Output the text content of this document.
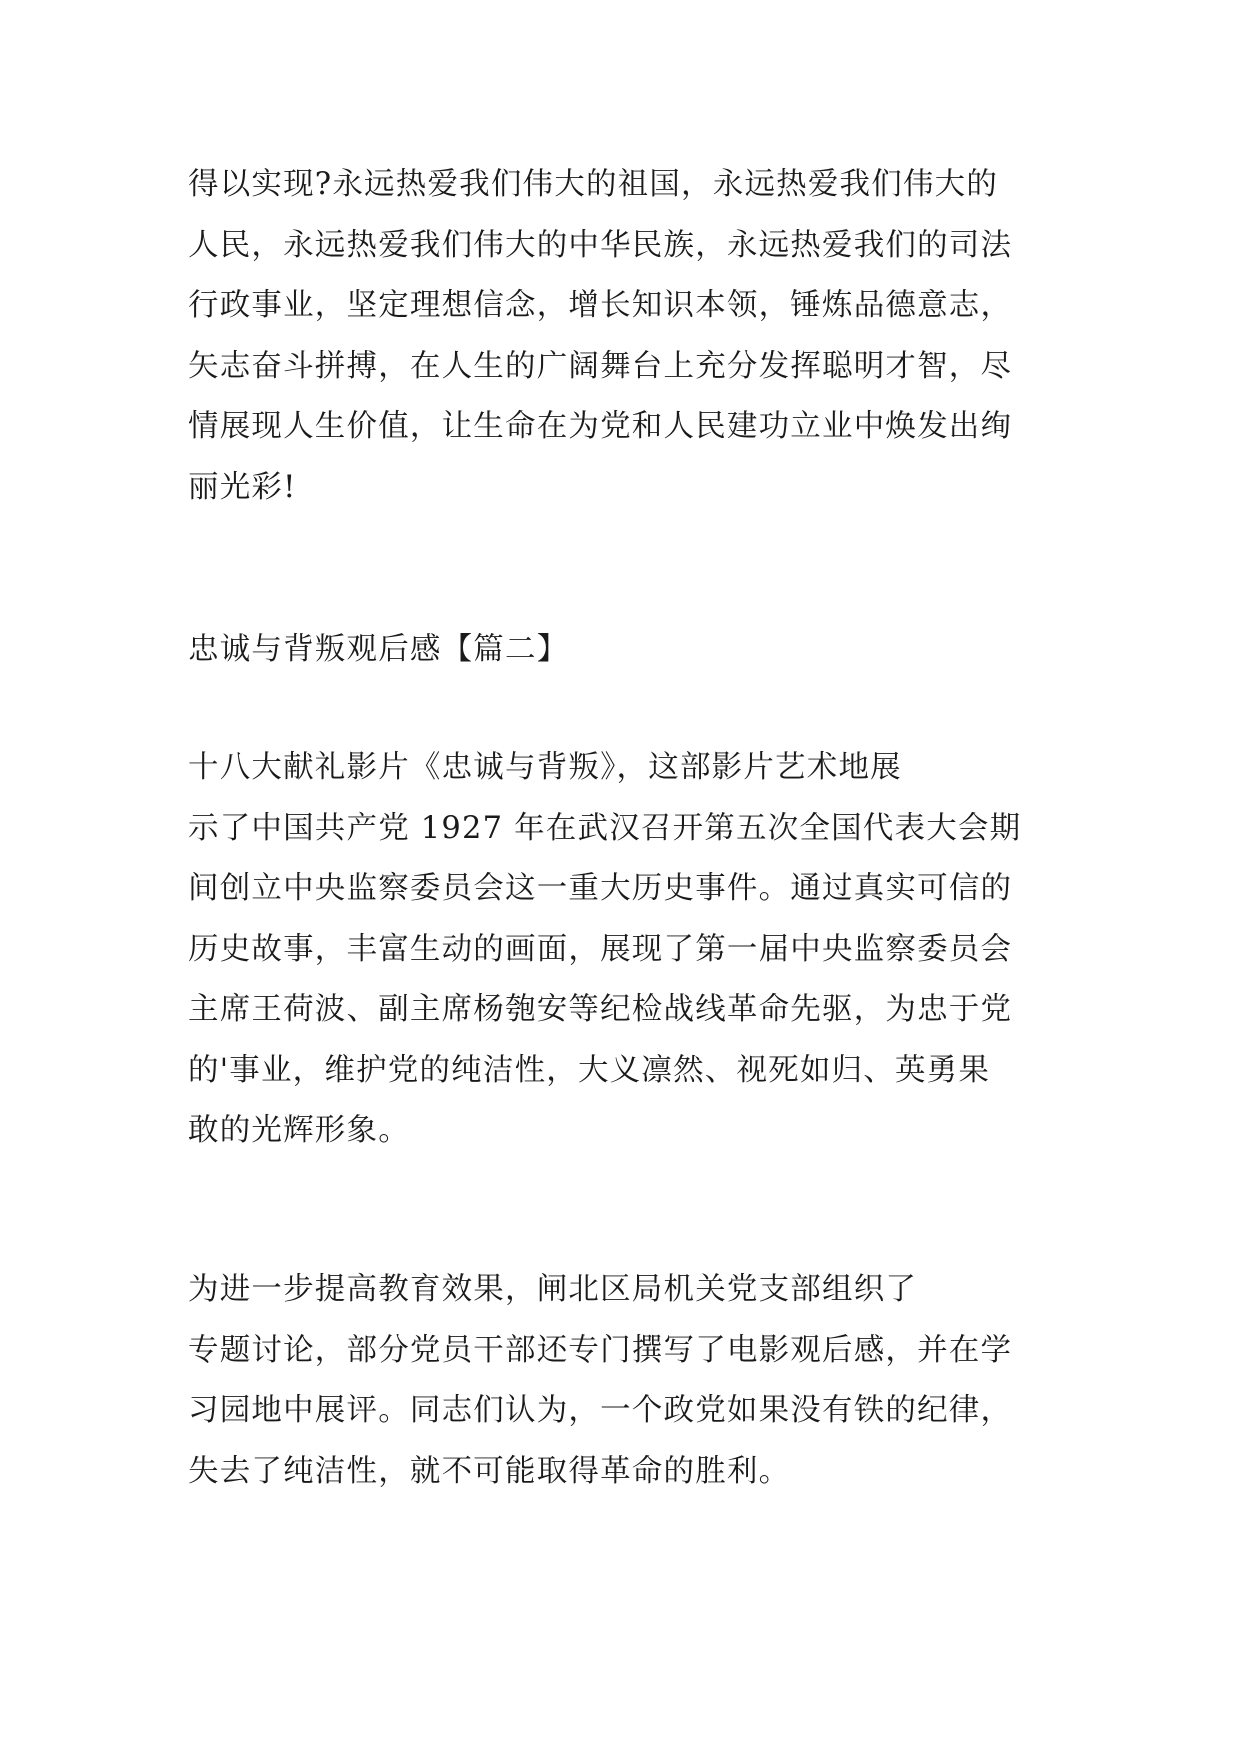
得以实现?永远热爱我们伟大的祖国，永远热爱我们伟大的
人民，永远热爱我们伟大的中华民族，永远热爱我们的司法
行政事业，坚定理想信念，增长知识本领，锤炼品德意志，
矢志奋斗拼搏，在人生的广阔舞台上充分发挥聪明才智，尽
情展现人生价值，让生命在为党和人民建功立业中焕发出绚
丽光彩!

忠诚与背叛观后感【篇二】

十八大献礼影片《忠诚与背叛》，这部影片艺术地展
示了中国共产党 1927 年在武汉召开第五次全国代表大会期
间创立中央监察委员会这一重大历史事件。通过真实可信的
历史故事，丰富生动的画面，展现了第一届中央监察委员会
主席王荷波、副主席杨匏安等纪检战线革命先驱，为忠于党
的'事业，维护党的纯洁性，大义凛然、视死如归、英勇果
敢的光辉形象。

为进一步提高教育效果，闸北区局机关党支部组织了
专题讨论，部分党员干部还专门撰写了电影观后感，并在学
习园地中展评。同志们认为，一个政党如果没有铁的纪律，
失去了纯洁性，就不可能取得革命的胜利。
